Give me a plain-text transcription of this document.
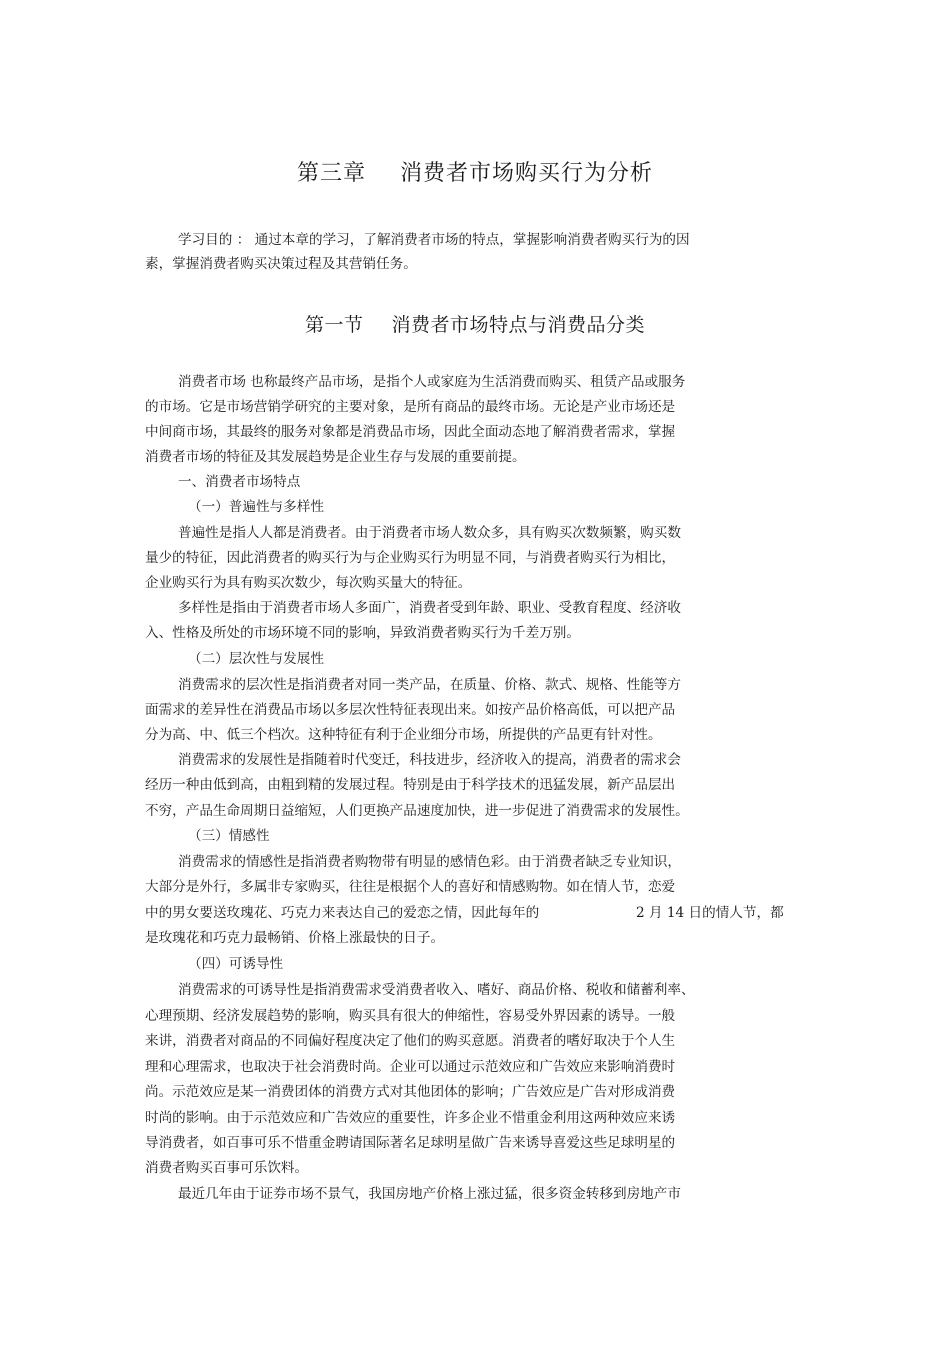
第三章 消费者市场购买行为分析
学习目的 ： 通过本章的学习，了解消费者市场的特点，掌握影响消费者购买行为的因
素，掌握消费者购买决策过程及其营销任务。
第一节 消费者市场特点与消费品分类
消费者市场 也称最终产品市场，是指个人或家庭为生活消费而购买、租赁产品或服务
的市场。它是市场营销学研究的主要对象，是所有商品的最终市场。无论是产业市场还是
中间商市场，其最终的服务对象都是消费品市场，因此全面动态地了解消费者需求，掌握
消费者市场的特征及其发展趋势是企业生存与发展的重要前提。
一、消费者市场特点
（一）普遍性与多样性
普遍性是指人人都是消费者。由于消费者市场人数众多，具有购买次数频繁，购买数
量少的特征，因此消费者的购买行为与企业购买行为明显不同，与消费者购买行为相比，
企业购买行为具有购买次数少，每次购买量大的特征。
多样性是指由于消费者市场人多面广，消费者受到年龄、职业、受教育程度、经济收
入、性格及所处的市场环境不同的影响，异致消费者购买行为千差万别。
（二）层次性与发展性
消费需求的层次性是指消费者对同一类产品，在质量、价格、款式、规格、性能等方
面需求的差异性在消费品市场以多层次性特征表现出来。如按产品价格高低，可以把产品
分为高、中、低三个档次。这种特征有利于企业细分市场，所提供的产品更有针对性。
消费需求的发展性是指随着时代变迁，科技进步，经济收入的提高，消费者的需求会
经历一种由低到高，由粗到精的发展过程。特别是由于科学技术的迅猛发展，新产品层出
不穷，产品生命周期日益缩短，人们更换产品速度加快，进一步促进了消费需求的发展性。
（三）情感性
消费需求的情感性是指消费者购物带有明显的感情色彩。由于消费者缺乏专业知识，
大部分是外行，多属非专家购买，往往是根据个人的喜好和情感购物。如在情人节，恋爱
中的男女要送玫瑰花、巧克力来表达自己的爱恋之情，因此每年的	2 月 14 日的情人节，都
是玫瑰花和巧克力最畅销、价格上涨最快的日子。
（四）可诱导性
消费需求的可诱导性是指消费需求受消费者收入、嗜好、商品价格、税收和储蓄利率、
心理预期、经济发展趋势的影响，购买具有很大的伸缩性，容易受外界因素的诱导。一般
来讲，消费者对商品的不同偏好程度决定了他们的购买意愿。消费者的嗜好取决于个人生
理和心理需求，也取决于社会消费时尚。企业可以通过示范效应和广告效应来影响消费时
尚。示范效应是某一消费团体的消费方式对其他团体的影响；广告效应是广告对形成消费
时尚的影响。由于示范效应和广告效应的重要性，许多企业不惜重金利用这两种效应来诱
导消费者，如百事可乐不惜重金聘请国际著名足球明星做广告来诱导喜爱这些足球明星的
消费者购买百事可乐饮料。
最近几年由于证券市场不景气，我国房地产价格上涨过猛，很多资金转移到房地产市
